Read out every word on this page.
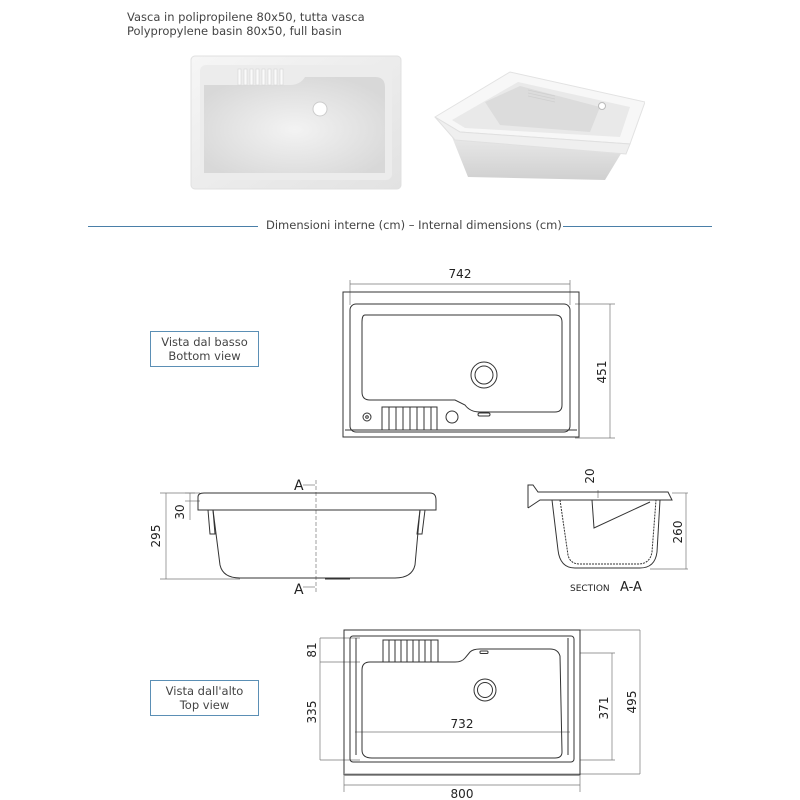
Vasca in polipropilene 80x50, tutta vasca
Polypropylene basin 80x50, full basin
Dimensioni interne (cm) – Internal dimensions (cm)
Vista dal basso
Bottom view
742
451
295
30
A
A
20
260
SECTION A-A
Vista dall'alto
Top view
81
335	371 495
732
800
